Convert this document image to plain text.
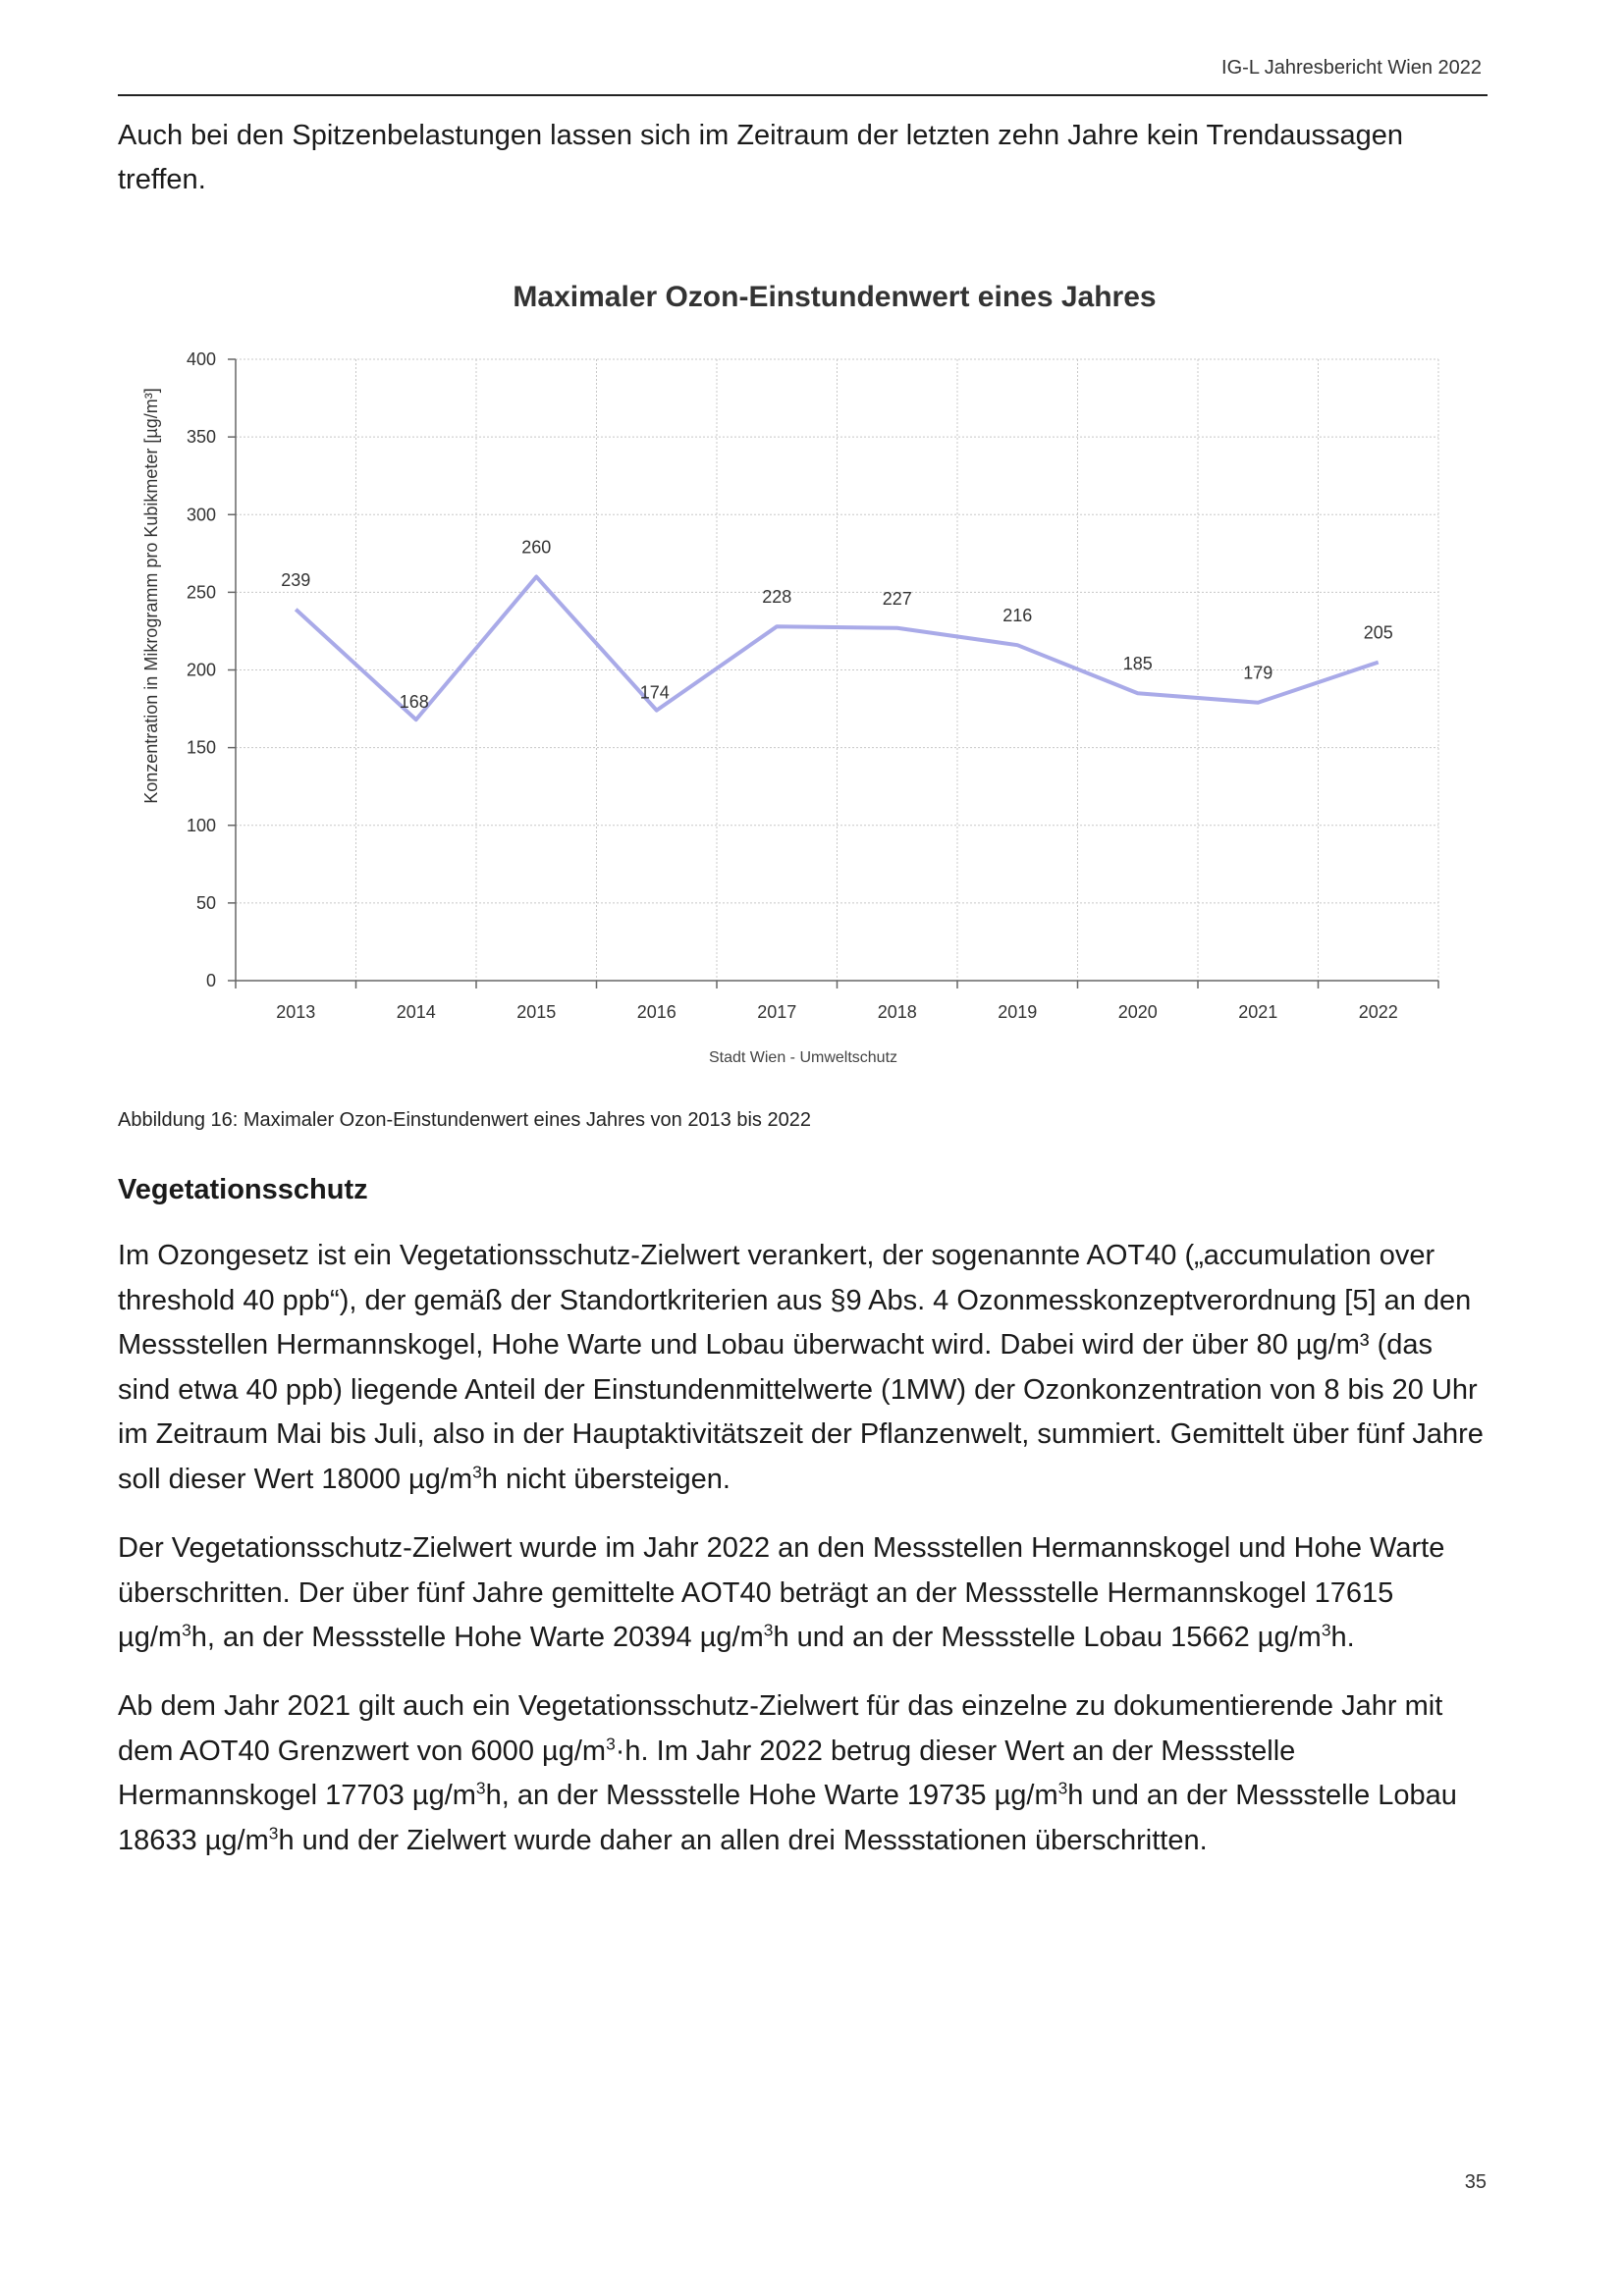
IG-L Jahresbericht Wien 2022

Auch bei den Spitzenbelastungen lassen sich im Zeitraum der letzten zehn Jahre kein Trendaussagen treffen.

Maximaler Ozon-Einstundenwert eines Jahres
0
50
100
150
200
250
300
350
400
2013	2014	2015	2016	2017	2018	2019	2020	2021	2022
239
168
260
174
228	227
216
185	179
205
Konzentration in Mikrogramm pro Kubikmeter [µg/m³]
Stadt Wien - Umweltschutz

Abbildung 16: Maximaler Ozon-Einstundenwert eines Jahres von 2013 bis 2022

Vegetationsschutz

Im Ozongesetz ist ein Vegetationsschutz-Zielwert verankert, der sogenannte AOT40 („accumulation over threshold 40 ppb“), der gemäß der Standortkriterien aus §9 Abs. 4 Ozonmesskonzeptverordnung [5] an den Messstellen Hermannskogel, Hohe Warte und Lobau überwacht wird. Dabei wird der über 80 µg/m³ (das sind etwa 40 ppb) liegende Anteil der Einstundenmittelwerte (1MW) der Ozonkonzentration von 8 bis 20 Uhr im Zeitraum Mai bis Juli, also in der Hauptaktivitätszeit der Pflanzenwelt, summiert. Gemittelt über fünf Jahre soll dieser Wert 18000 $\mu g/m^3h$ nicht übersteigen.

Der Vegetationsschutz-Zielwert wurde im Jahr 2022 an den Messstellen Hermannskogel und Hohe Warte überschritten. Der über fünf Jahre gemittelte AOT40 beträgt an der Messstelle Hermannskogel 17615 $\mu g/m^3h$, an der Messstelle Hohe Warte 20394 $\mu g/m^3h$ und an der Messstelle Lobau 15662 $\mu g/m^3h$.

Ab dem Jahr 2021 gilt auch ein Vegetationsschutz-Zielwert für das einzelne zu dokumentierende Jahr mit dem AOT40 Grenzwert von 6000 $\mu g/m^3\cdot h$. Im Jahr 2022 betrug dieser Wert an der Messstelle Hermannskogel 17703 $\mu g/m^3h$, an der Messstelle Hohe Warte 19735 $\mu g/m^3h$ und an der Messstelle Lobau 18633 $\mu g/m^3h$ und der Zielwert wurde daher an allen drei Messstationen überschritten.

35
